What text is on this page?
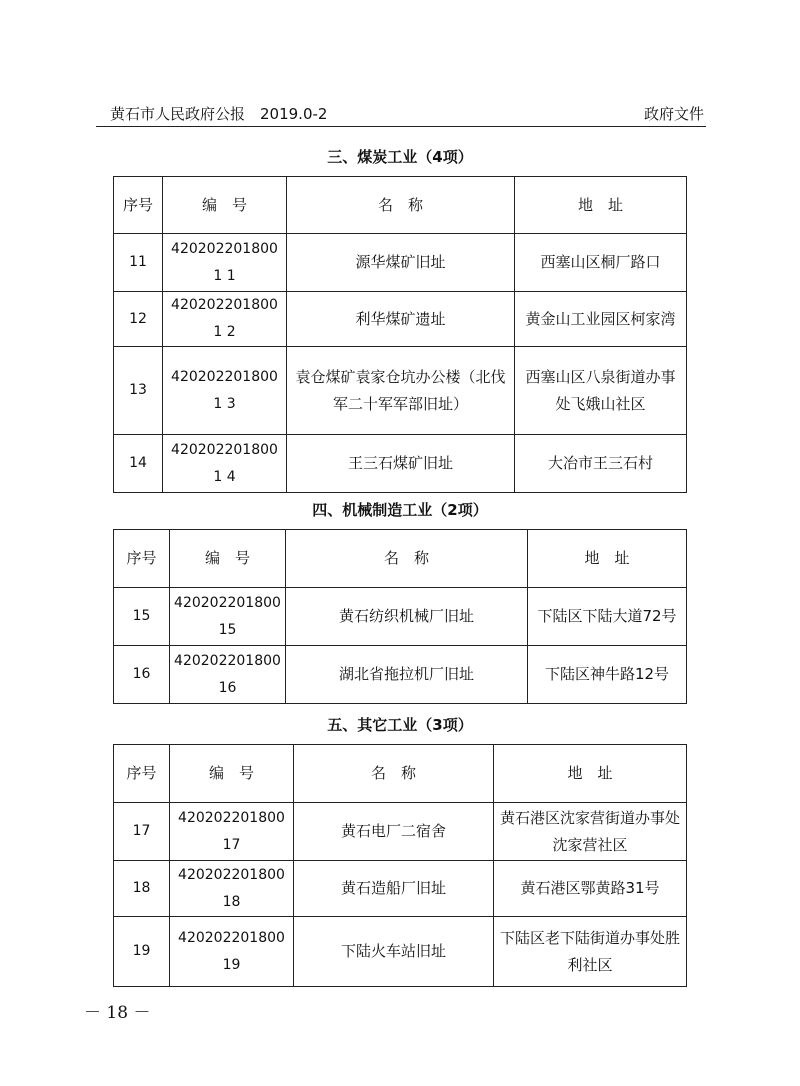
黄石市人民政府公报　2019.0-2	政府文件
三、煤炭工业（4项）
序号	编　号	名　称	地　址
11	4202022018001 1	源华煤矿旧址	西塞山区桐厂路口
12	4202022018001 2	利华煤矿遗址	黄金山工业园区柯家湾
13	4202022018001 3	袁仓煤矿袁家仓坑办公楼（北伐军二十军军部旧址）	西塞山区八泉街道办事处飞娥山社区
14	4202022018001 4	王三石煤矿旧址	大冶市王三石村
四、机械制造工业（2项）
序号	编　号	名　称	地　址
15	420202201800 15	黄石纺织机械厂旧址	下陆区下陆大道72号
16	420202201800 16	湖北省拖拉机厂旧址	下陆区神牛路12号
五、其它工业（3项）
序号	编　号	名　称	地　址
17	42020220180017	黄石电厂二宿舍	黄石港区沈家营街道办事处沈家营社区
18	42020220180018	黄石造船厂旧址	黄石港区鄂黄路31号
19	42020220180019	下陆火车站旧址	下陆区老下陆街道办事处胜利社区
－ 18 －
